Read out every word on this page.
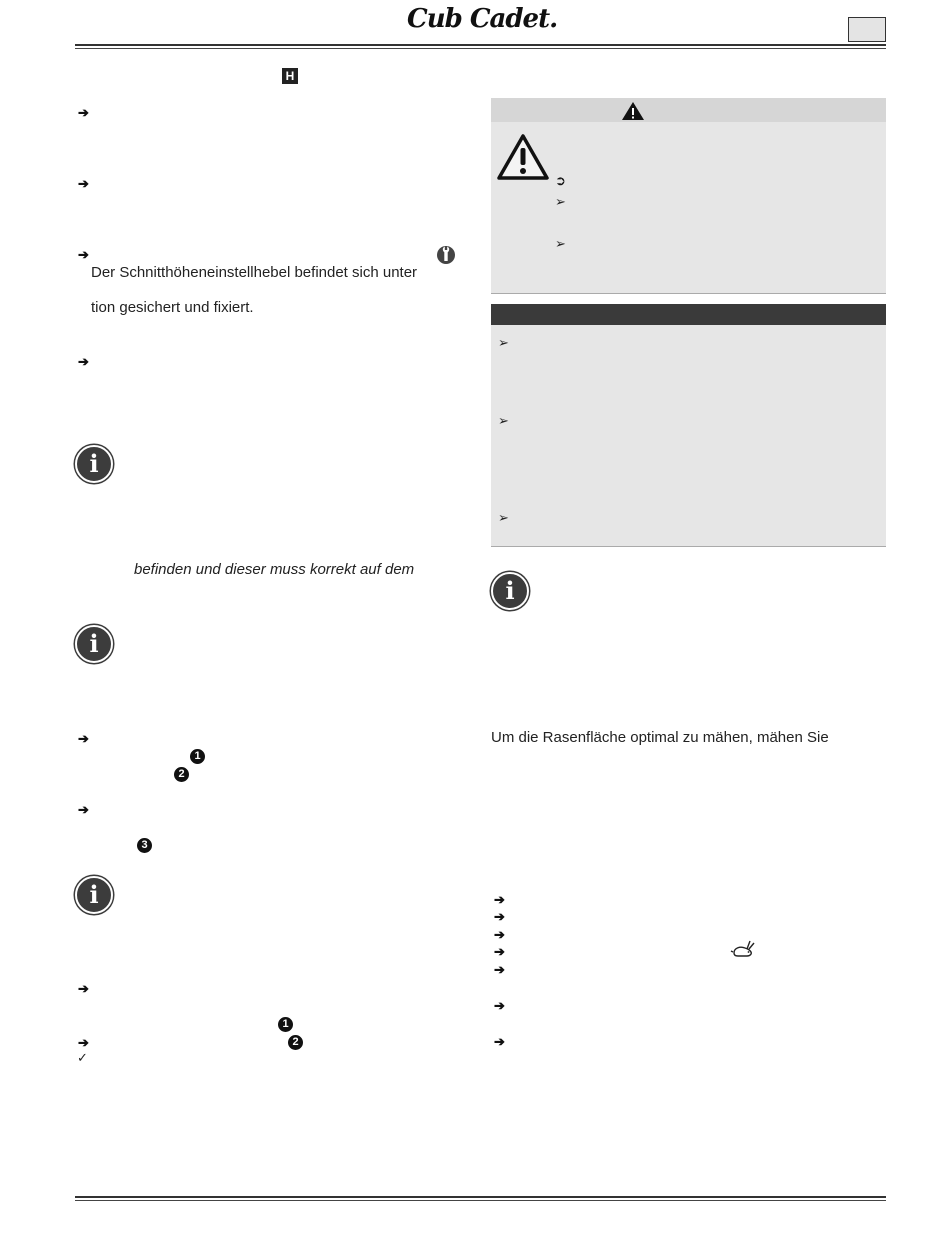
Cub Cadet.
H
➔
➔
➔
Der Schnitthöheneinstellhebel befindet sich unter
tion gesichert und fixiert.
➔
i
befinden und dieser muss korrekt auf dem
i
➔
1
2
➔
3
i
➔
1
➔	2
✓
➲
➢
➢
➢
➢
➢
i
Um die Rasenfläche optimal zu mähen, mähen Sie
➔
➔
➔
➔
➔
➔
➔
